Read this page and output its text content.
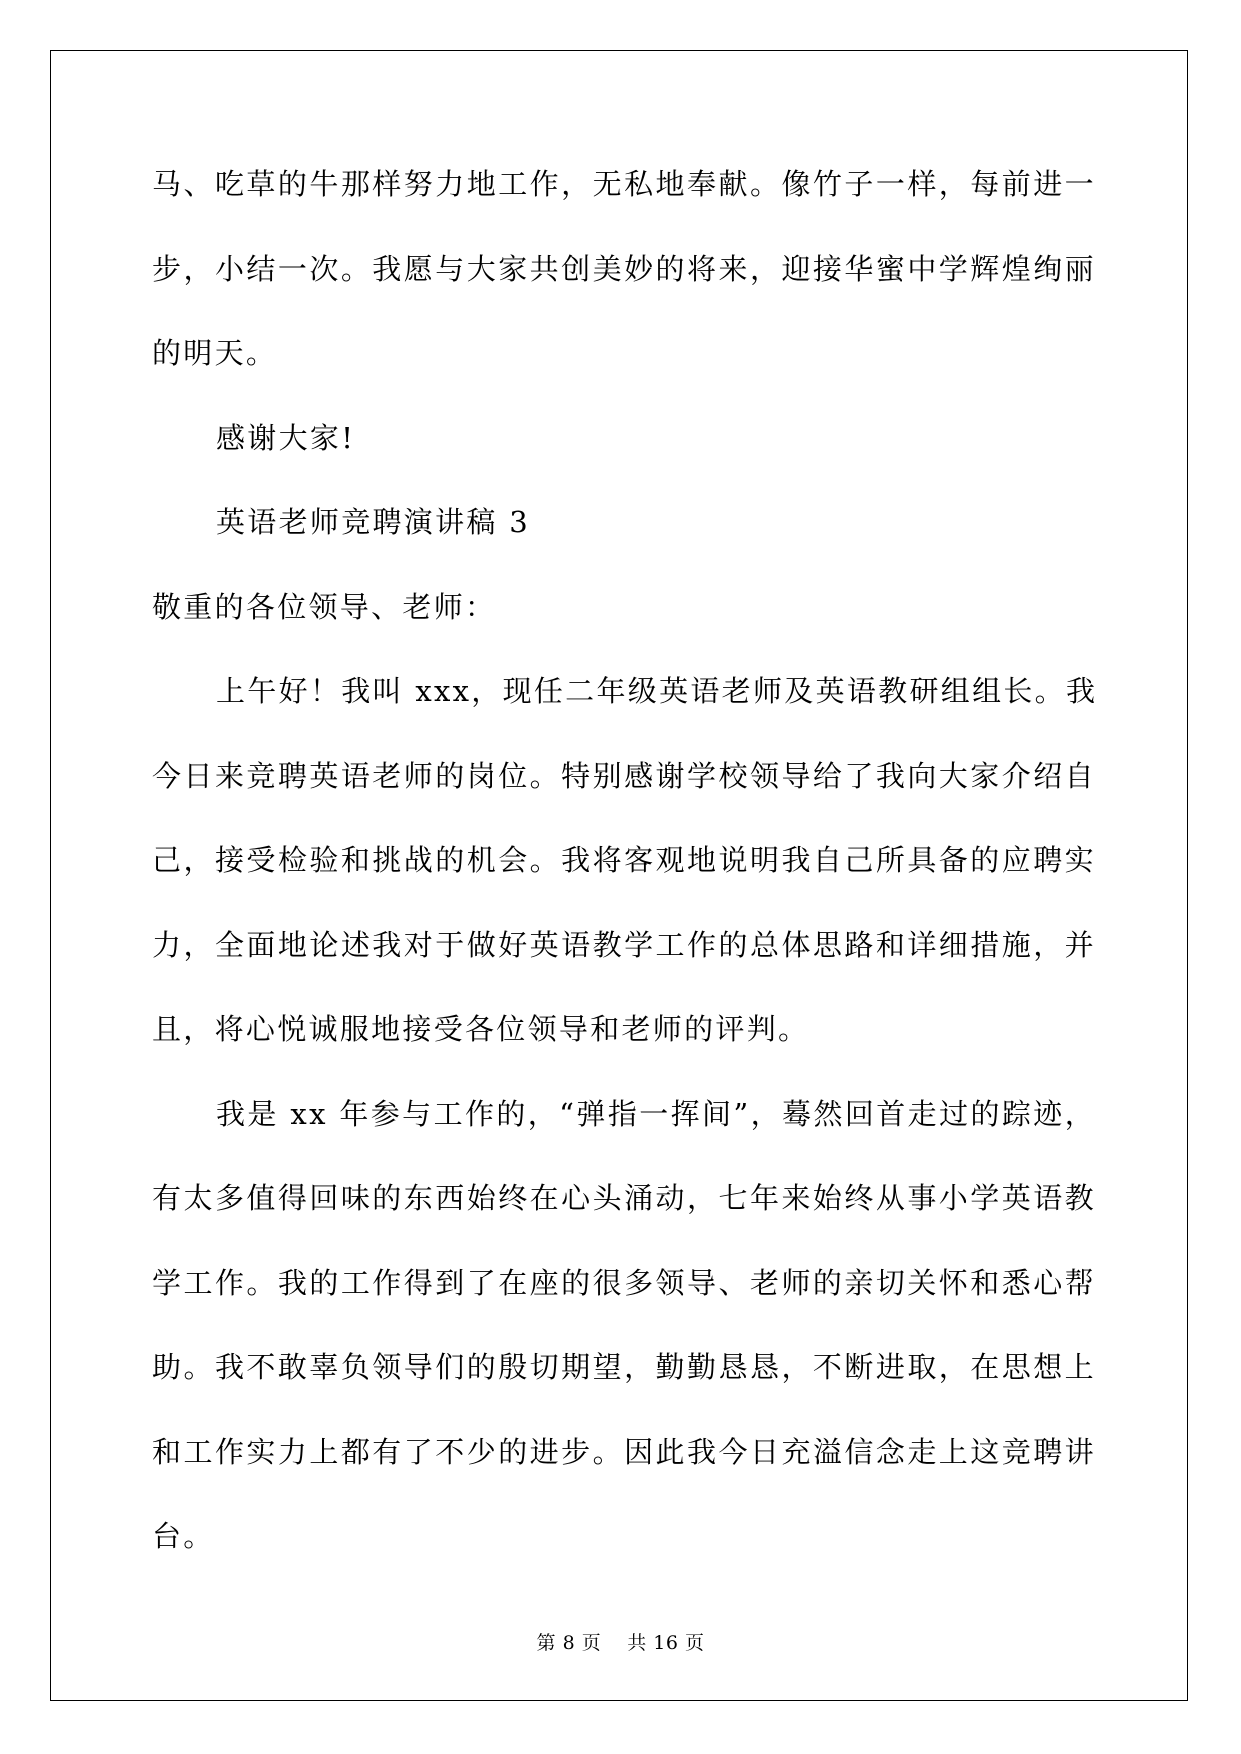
马、吃草的牛那样努力地工作，无私地奉献。像竹子一样，每前进一
步，小结一次。我愿与大家共创美妙的将来，迎接华蜜中学辉煌绚丽
的明天。
感谢大家!
英语老师竞聘演讲稿 3
敬重的各位领导、老师：
上午好！我叫 xxx，现任二年级英语老师及英语教研组组长。我
今日来竞聘英语老师的岗位。特别感谢学校领导给了我向大家介绍自
己，接受检验和挑战的机会。我将客观地说明我自己所具备的应聘实
力，全面地论述我对于做好英语教学工作的总体思路和详细措施，并
且，将心悦诚服地接受各位领导和老师的评判。
我是 xx 年参与工作的，“弹指一挥间”，蓦然回首走过的踪迹，
有太多值得回味的东西始终在心头涌动，七年来始终从事小学英语教
学工作。我的工作得到了在座的很多领导、老师的亲切关怀和悉心帮
助。我不敢辜负领导们的殷切期望，勤勤恳恳，不断进取，在思想上
和工作实力上都有了不少的进步。因此我今日充溢信念走上这竞聘讲
台。
第 8 页 共 16 页
